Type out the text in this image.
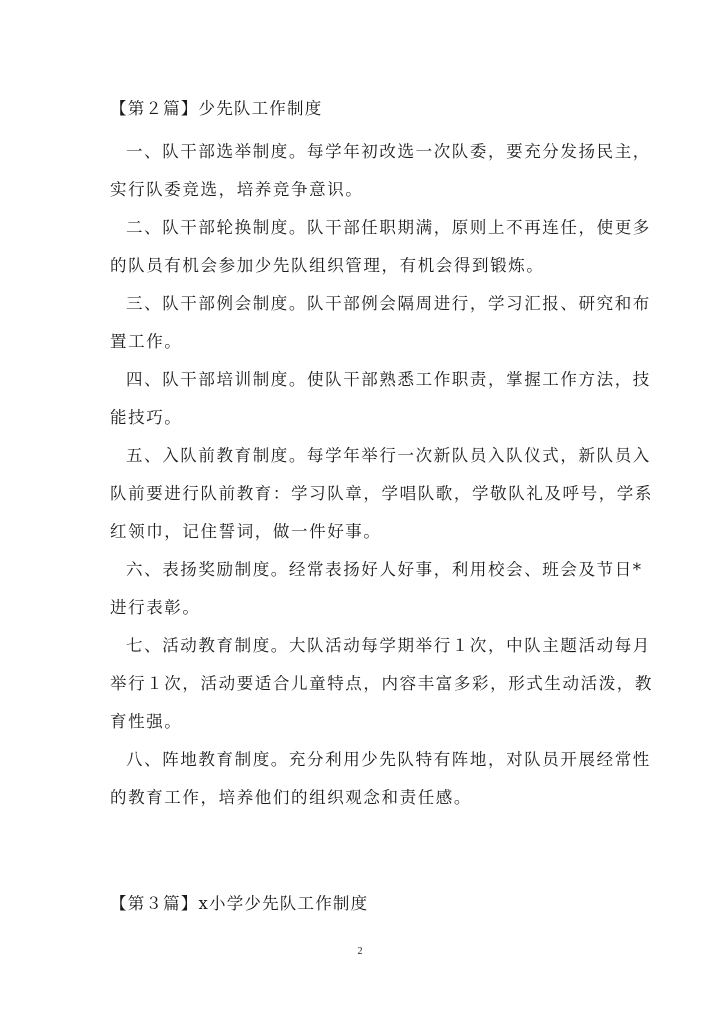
【第２篇】少先队工作制度
一、队干部选举制度。每学年初改选一次队委，要充分发扬民主，
实行队委竞选，培养竞争意识。
二、队干部轮换制度。队干部任职期满，原则上不再连任，使更多
的队员有机会参加少先队组织管理，有机会得到锻炼。
三、队干部例会制度。队干部例会隔周进行，学习汇报、研究和布
置工作。
四、队干部培训制度。使队干部熟悉工作职责，掌握工作方法，技
能技巧。
五、入队前教育制度。每学年举行一次新队员入队仪式，新队员入
队前要进行队前教育：学习队章，学唱队歌，学敬队礼及呼号，学系
红领巾，记住誓词，做一件好事。
六、表扬奖励制度。经常表扬好人好事，利用校会、班会及节日*
进行表彰。
七、活动教育制度。大队活动每学期举行１次，中队主题活动每月
举行１次，活动要适合儿童特点，内容丰富多彩，形式生动活泼，教
育性强。
八、阵地教育制度。充分利用少先队特有阵地，对队员开展经常性
的教育工作，培养他们的组织观念和责任感。
【第３篇】x小学少先队工作制度
2
